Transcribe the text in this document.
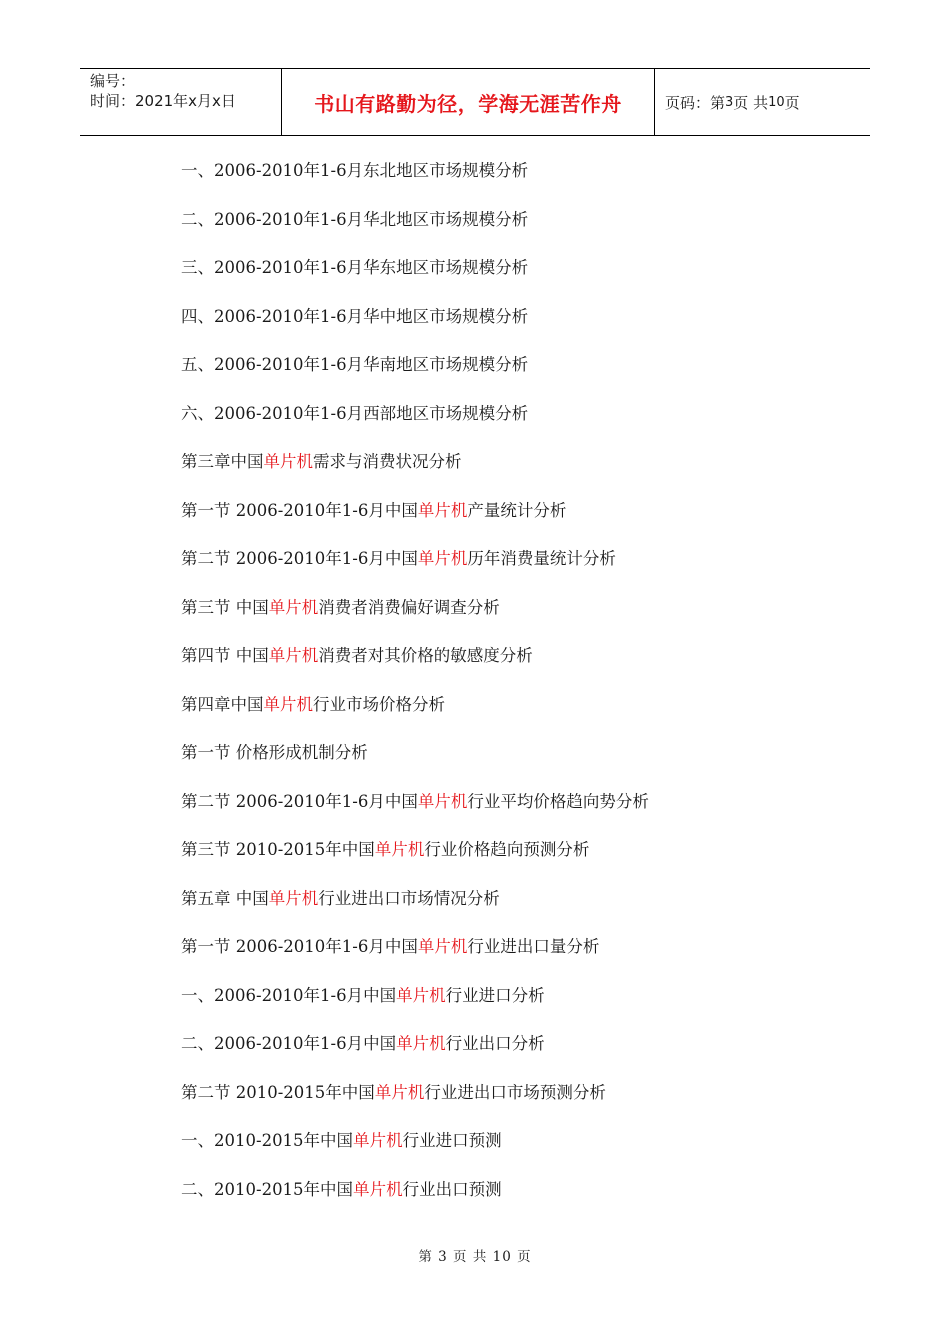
编号：
时间：2021年x月x日	书山有路勤为径，学海无涯苦作舟	页码：第 3 页 共 10 页
一、2006-2010年1-6月东北地区市场规模分析
二、2006-2010年1-6月华北地区市场规模分析
三、2006-2010年1-6月华东地区市场规模分析
四、2006-2010年1-6月华中地区市场规模分析
五、2006-2010年1-6月华南地区市场规模分析
六、2006-2010年1-6月西部地区市场规模分析
第三章中国单片机需求与消费状况分析
第一节 2006-2010年1-6月中国单片机产量统计分析
第二节 2006-2010年1-6月中国单片机历年消费量统计分析
第三节 中国单片机消费者消费偏好调查分析
第四节 中国单片机消费者对其价格的敏感度分析
第四章中国单片机行业市场价格分析
第一节 价格形成机制分析
第二节 2006-2010年1-6月中国单片机行业平均价格趋向势分析
第三节 2010-2015年中国单片机行业价格趋向预测分析
第五章 中国单片机行业进出口市场情况分析
第一节 2006-2010年1-6月中国单片机行业进出口量分析
一、2006-2010年1-6月中国单片机行业进口分析
二、2006-2010年1-6月中国单片机行业出口分析
第二节 2010-2015年中国单片机行业进出口市场预测分析
一、2010-2015年中国单片机行业进口预测
二、2010-2015年中国单片机行业出口预测
第 3 页 共 10 页
